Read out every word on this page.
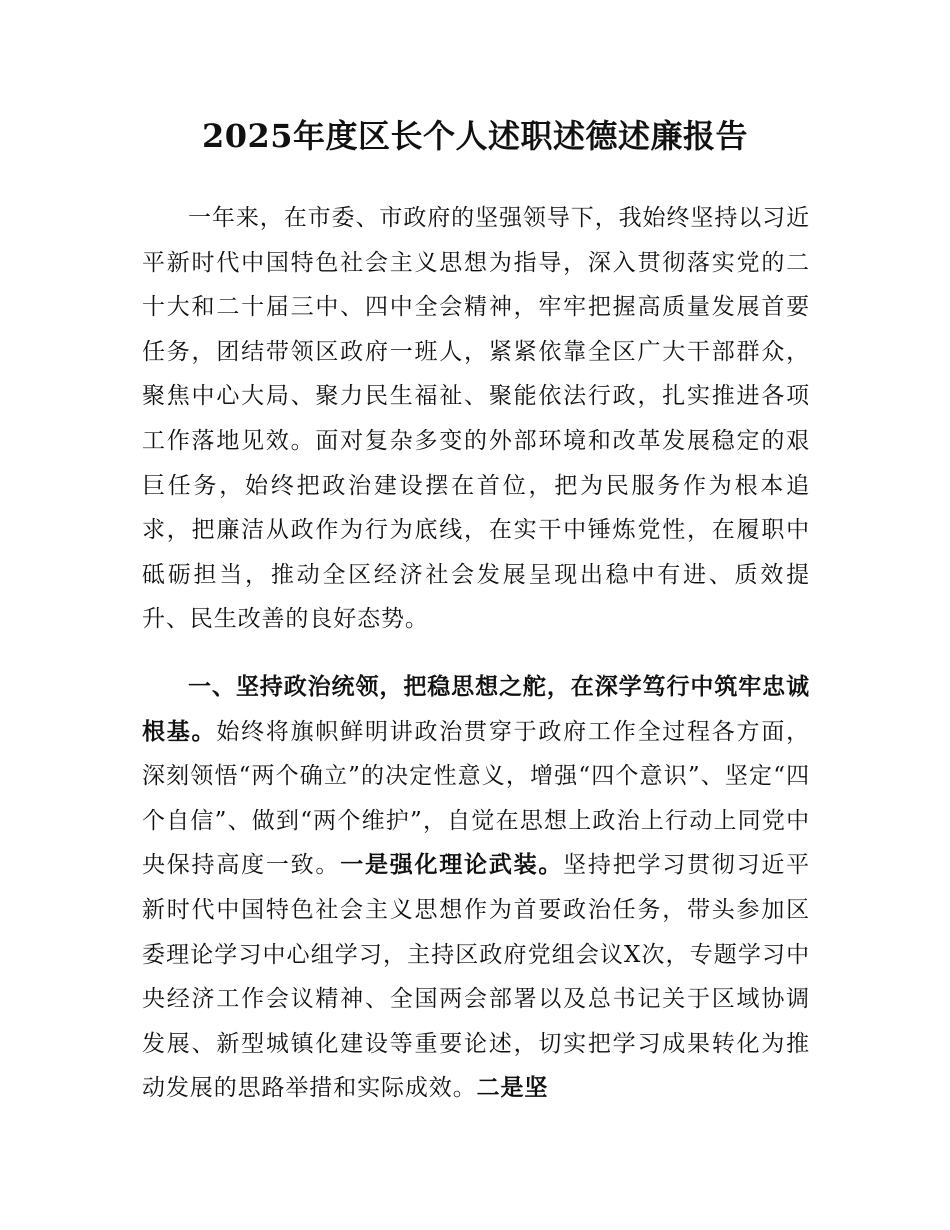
2025年度区长个人述职述德述廉报告

一年来，在市委、市政府的坚强领导下，我始终坚持以习近平新时代中国特色社会主义思想为指导，深入贯彻落实党的二十大和二十届三中、四中全会精神，牢牢把握高质量发展首要任务，团结带领区政府一班人，紧紧依靠全区广大干部群众，聚焦中心大局、聚力民生福祉、聚能依法行政，扎实推进各项工作落地见效。面对复杂多变的外部环境和改革发展稳定的艰巨任务，始终把政治建设摆在首位，把为民服务作为根本追求，把廉洁从政作为行为底线，在实干中锤炼党性，在履职中砥砺担当，推动全区经济社会发展呈现出稳中有进、质效提升、民生改善的良好态势。

一、坚持政治统领，把稳思想之舵，在深学笃行中筑牢忠诚根基。始终将旗帜鲜明讲政治贯穿于政府工作全过程各方面，深刻领悟“两个确立”的决定性意义，增强“四个意识”、坚定“四个自信”、做到“两个维护”，自觉在思想上政治上行动上同党中央保持高度一致。一是强化理论武装。坚持把学习贯彻习近平新时代中国特色社会主义思想作为首要政治任务，带头参加区委理论学习中心组学习，主持区政府党组会议X次，专题学习中央经济工作会议精神、全国两会部署以及总书记关于区域协调发展、新型城镇化建设等重要论述，切实把学习成果转化为推动发展的思路举措和实际成效。二是坚
